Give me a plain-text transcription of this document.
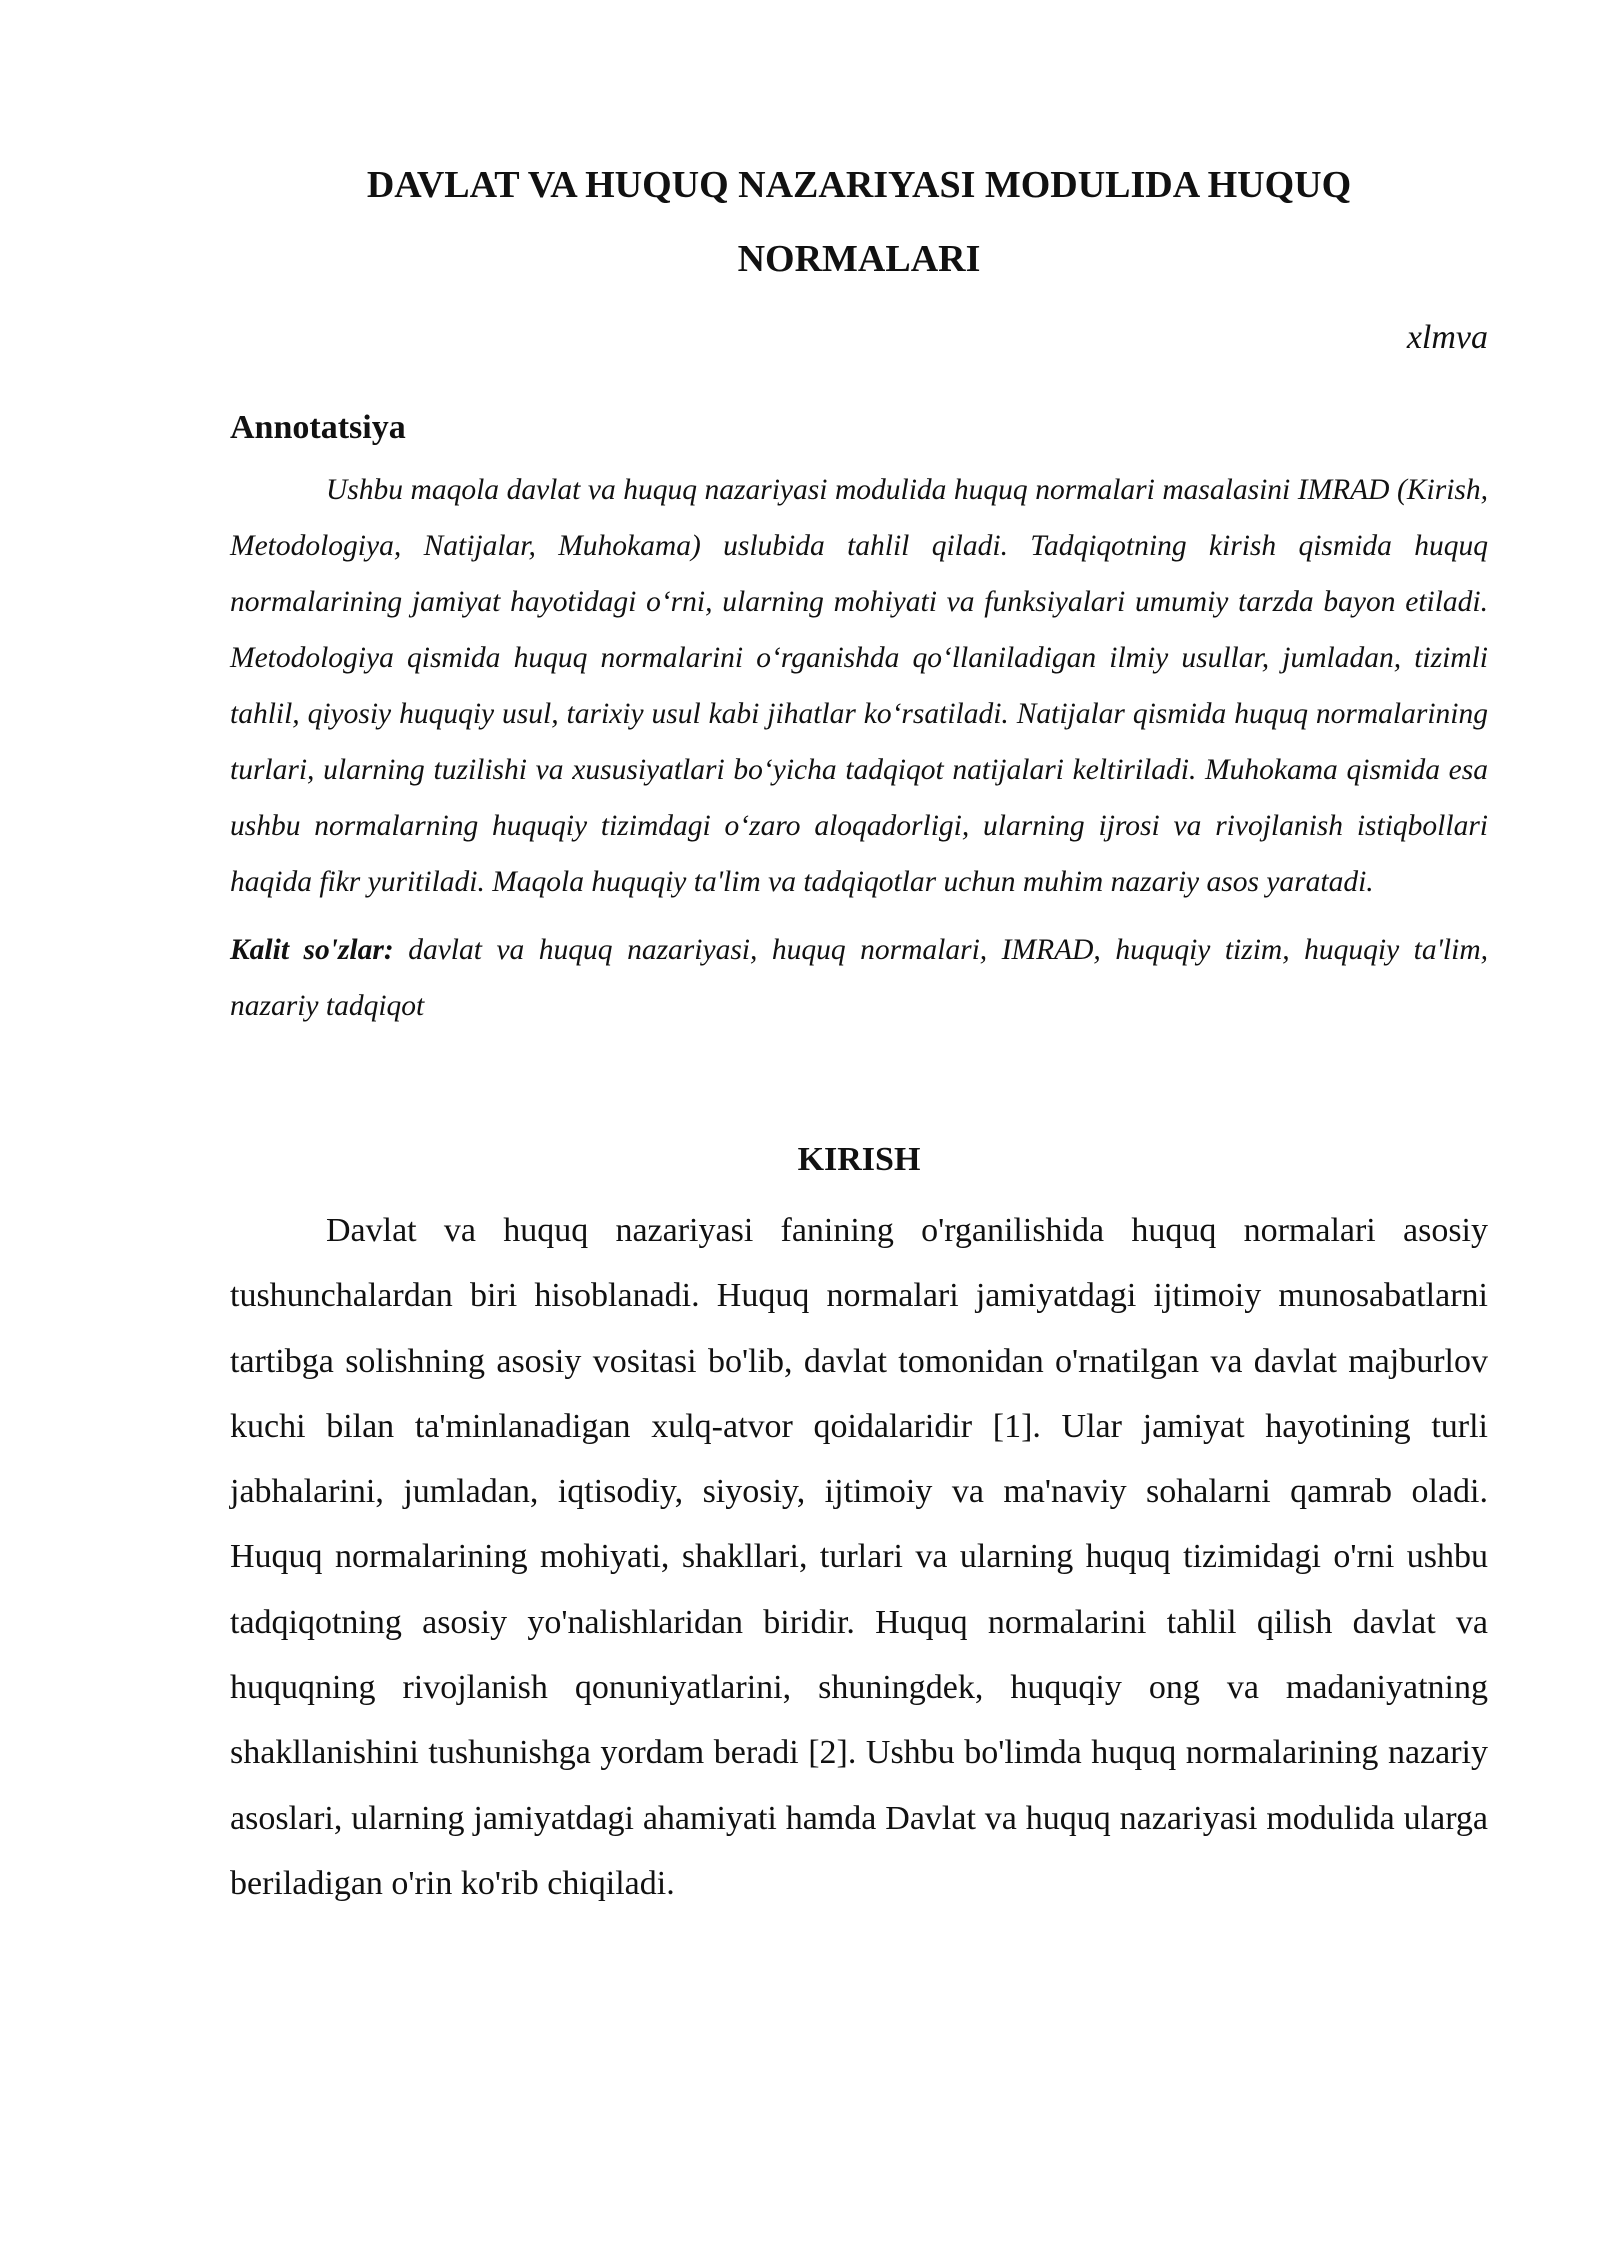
DAVLAT VA HUQUQ NAZARIYASI MODULIDA HUQUQ NORMALARI

xlmva

Annotatsiya

Ushbu maqola davlat va huquq nazariyasi modulida huquq normalari masalasini IMRAD (Kirish, Metodologiya, Natijalar, Muhokama) uslubida tahlil qiladi. Tadqiqotning kirish qismida huquq normalarining jamiyat hayotidagi o‘rni, ularning mohiyati va funksiyalari umumiy tarzda bayon etiladi. Metodologiya qismida huquq normalarini o‘rganishda qo‘llaniladigan ilmiy usullar, jumladan, tizimli tahlil, qiyosiy huquqiy usul, tarixiy usul kabi jihatlar ko‘rsatiladi. Natijalar qismida huquq normalarining turlari, ularning tuzilishi va xususiyatlari bo‘yicha tadqiqot natijalari keltiriladi. Muhokama qismida esa ushbu normalarning huquqiy tizimdagi o‘zaro aloqadorligi, ularning ijrosi va rivojlanish istiqbollari haqida fikr yuritiladi. Maqola huquqiy ta'lim va tadqiqotlar uchun muhim nazariy asos yaratadi.

Kalit so'zlar: davlat va huquq nazariyasi, huquq normalari, IMRAD, huquqiy tizim, huquqiy ta'lim, nazariy tadqiqot

KIRISH

Davlat va huquq nazariyasi fanining o'rganilishida huquq normalari asosiy tushunchalardan biri hisoblanadi. Huquq normalari jamiyatdagi ijtimoiy munosabatlarni tartibga solishning asosiy vositasi bo'lib, davlat tomonidan o'rnatilgan va davlat majburlov kuchi bilan ta'minlanadigan xulq-atvor qoidalaridir [1]. Ular jamiyat hayotining turli jabhalarini, jumladan, iqtisodiy, siyosiy, ijtimoiy va ma'naviy sohalarni qamrab oladi. Huquq normalarining mohiyati, shakllari, turlari va ularning huquq tizimidagi o'rni ushbu tadqiqotning asosiy yo'nalishlaridan biridir. Huquq normalarini tahlil qilish davlat va huquqning rivojlanish qonuniyatlarini, shuningdek, huquqiy ong va madaniyatning shakllanishini tushunishga yordam beradi [2]. Ushbu bo'limda huquq normalarining nazariy asoslari, ularning jamiyatdagi ahamiyati hamda Davlat va huquq nazariyasi modulida ularga beriladigan o'rin ko'rib chiqiladi.
